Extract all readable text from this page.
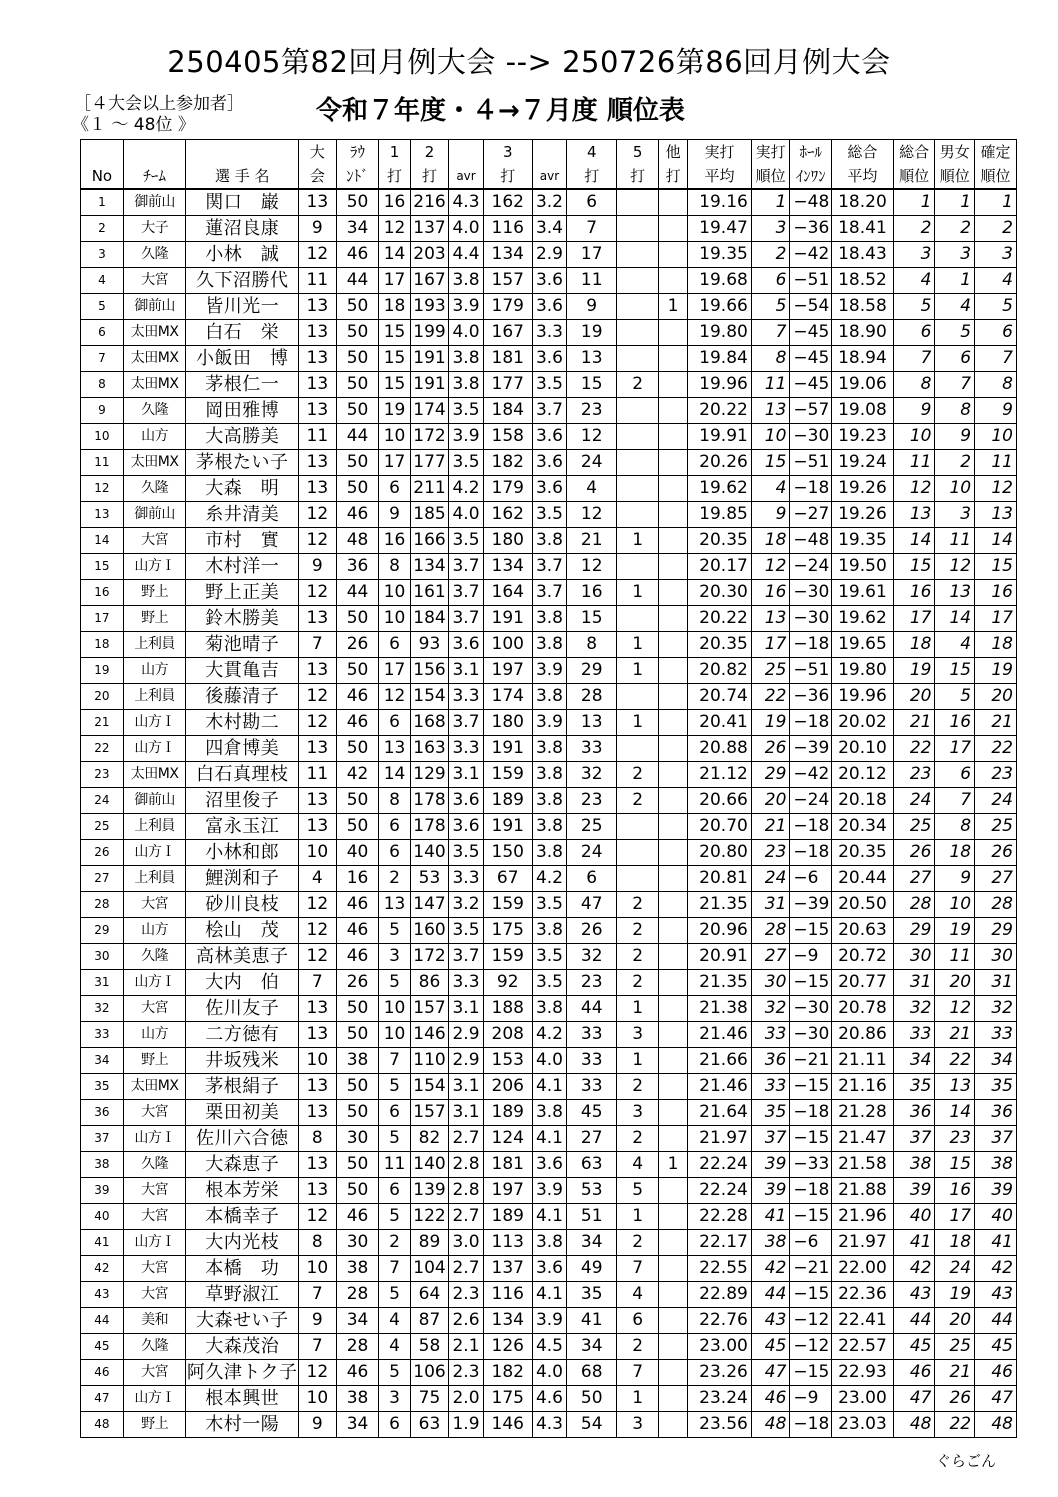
250405第82回月例大会 --> 250726第86回月例大会
［４大会以上参加者］
《１ ～ 48位 》	令和７年度・４→７月度 順位表
			大	ﾗｳ	1	2		3		4	5	他	実打	実打	ﾎｰﾙ	総合	総合	男女	確定
No	ﾁｰﾑ	選 手 名	会	ﾝﾄﾞ	打	打	avr	打	avr	打	打	打	平均	順位	ｲﾝﾜﾝ	平均	順位	順位	順位
1	御前山	関口　巌	13	50	16	216	4.3	162	3.2	6			19.16	1	−48	18.20	1	1	1
2	大子	蓮沼良康	9	34	12	137	4.0	116	3.4	7			19.47	3	−36	18.41	2	2	2
3	久隆	小林　誠	12	46	14	203	4.4	134	2.9	17			19.35	2	−42	18.43	3	3	3
4	大宮	久下沼勝代	11	44	17	167	3.8	157	3.6	11			19.68	6	−51	18.52	4	1	4
5	御前山	皆川光一	13	50	18	193	3.9	179	3.6	9		1	19.66	5	−54	18.58	5	4	5
6	太田MX	白石　栄	13	50	15	199	4.0	167	3.3	19			19.80	7	−45	18.90	6	5	6
7	太田MX	小飯田　博	13	50	15	191	3.8	181	3.6	13			19.84	8	−45	18.94	7	6	7
8	太田MX	茅根仁一	13	50	15	191	3.8	177	3.5	15	2		19.96	11	−45	19.06	8	7	8
9	久隆	岡田雅博	13	50	19	174	3.5	184	3.7	23			20.22	13	−57	19.08	9	8	9
10	山方	大高勝美	11	44	10	172	3.9	158	3.6	12			19.91	10	−30	19.23	10	9	10
11	太田MX	茅根たい子	13	50	17	177	3.5	182	3.6	24			20.26	15	−51	19.24	11	2	11
12	久隆	大森　明	13	50	6	211	4.2	179	3.6	4			19.62	4	−18	19.26	12	10	12
13	御前山	糸井清美	12	46	9	185	4.0	162	3.5	12			19.85	9	−27	19.26	13	3	13
14	大宮	市村　實	12	48	16	166	3.5	180	3.8	21	1		20.35	18	−48	19.35	14	11	14
15	山方Ｉ	木村洋一	9	36	8	134	3.7	134	3.7	12			20.17	12	−24	19.50	15	12	15
16	野上	野上正美	12	44	10	161	3.7	164	3.7	16	1		20.30	16	−30	19.61	16	13	16
17	野上	鈴木勝美	13	50	10	184	3.7	191	3.8	15			20.22	13	−30	19.62	17	14	17
18	上利員	菊池晴子	7	26	6	93	3.6	100	3.8	8	1		20.35	17	−18	19.65	18	4	18
19	山方	大貫亀吉	13	50	17	156	3.1	197	3.9	29	1		20.82	25	−51	19.80	19	15	19
20	上利員	後藤清子	12	46	12	154	3.3	174	3.8	28			20.74	22	−36	19.96	20	5	20
21	山方Ｉ	木村勘二	12	46	6	168	3.7	180	3.9	13	1		20.41	19	−18	20.02	21	16	21
22	山方Ｉ	四倉博美	13	50	13	163	3.3	191	3.8	33			20.88	26	−39	20.10	22	17	22
23	太田MX	白石真理枝	11	42	14	129	3.1	159	3.8	32	2		21.12	29	−42	20.12	23	6	23
24	御前山	沼里俊子	13	50	8	178	3.6	189	3.8	23	2		20.66	20	−24	20.18	24	7	24
25	上利員	富永玉江	13	50	6	178	3.6	191	3.8	25			20.70	21	−18	20.34	25	8	25
26	山方Ｉ	小林和郎	10	40	6	140	3.5	150	3.8	24			20.80	23	−18	20.35	26	18	26
27	上利員	鯉渕和子	4	16	2	53	3.3	67	4.2	6			20.81	24	−6	20.44	27	9	27
28	大宮	砂川良枝	12	46	13	147	3.2	159	3.5	47	2		21.35	31	−39	20.50	28	10	28
29	山方	桧山　茂	12	46	5	160	3.5	175	3.8	26	2		20.96	28	−15	20.63	29	19	29
30	久隆	高林美恵子	12	46	3	172	3.7	159	3.5	32	2		20.91	27	−9	20.72	30	11	30
31	山方Ｉ	大内　伯	7	26	5	86	3.3	92	3.5	23	2		21.35	30	−15	20.77	31	20	31
32	大宮	佐川友子	13	50	10	157	3.1	188	3.8	44	1		21.38	32	−30	20.78	32	12	32
33	山方	二方徳有	13	50	10	146	2.9	208	4.2	33	3		21.46	33	−30	20.86	33	21	33
34	野上	井坂残米	10	38	7	110	2.9	153	4.0	33	1		21.66	36	−21	21.11	34	22	34
35	太田MX	茅根絹子	13	50	5	154	3.1	206	4.1	33	2		21.46	33	−15	21.16	35	13	35
36	大宮	栗田初美	13	50	6	157	3.1	189	3.8	45	3		21.64	35	−18	21.28	36	14	36
37	山方Ｉ	佐川六合徳	8	30	5	82	2.7	124	4.1	27	2		21.97	37	−15	21.47	37	23	37
38	久隆	大森恵子	13	50	11	140	2.8	181	3.6	63	4	1	22.24	39	−33	21.58	38	15	38
39	大宮	根本芳栄	13	50	6	139	2.8	197	3.9	53	5		22.24	39	−18	21.88	39	16	39
40	大宮	本橋幸子	12	46	5	122	2.7	189	4.1	51	1		22.28	41	−15	21.96	40	17	40
41	山方Ｉ	大内光枝	8	30	2	89	3.0	113	3.8	34	2		22.17	38	−6	21.97	41	18	41
42	大宮	本橋　功	10	38	7	104	2.7	137	3.6	49	7		22.55	42	−21	22.00	42	24	42
43	大宮	草野淑江	7	28	5	64	2.3	116	4.1	35	4		22.89	44	−15	22.36	43	19	43
44	美和	大森せい子	9	34	4	87	2.6	134	3.9	41	6		22.76	43	−12	22.41	44	20	44
45	久隆	大森茂治	7	28	4	58	2.1	126	4.5	34	2		23.00	45	−12	22.57	45	25	45
46	大宮	阿久津トク子	12	46	5	106	2.3	182	4.0	68	7		23.26	47	−15	22.93	46	21	46
47	山方Ｉ	根本興世	10	38	3	75	2.0	175	4.6	50	1		23.24	46	−9	23.00	47	26	47
48	野上	木村一陽	9	34	6	63	1.9	146	4.3	54	3		23.56	48	−18	23.03	48	22	48
ぐらごん
